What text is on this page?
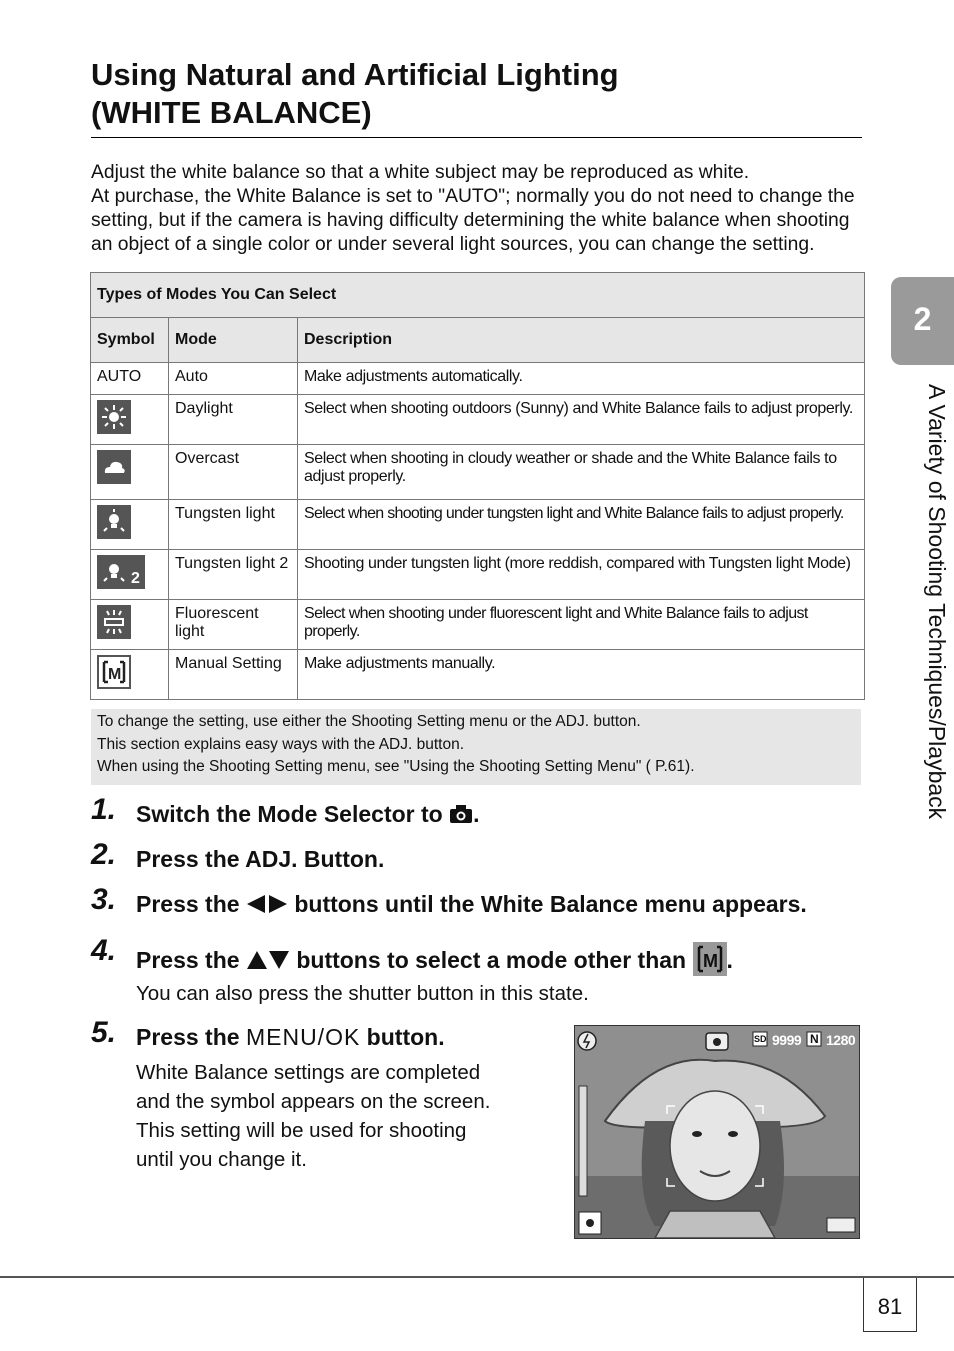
Using Natural and Artificial Lighting
(WHITE BALANCE)

Adjust the white balance so that a white subject may be reproduced as white.

At purchase, the White Balance is set to "AUTO"; normally you do not need to change the setting, but if the camera is having difficulty determining the white balance when shooting an object of a single color or under several light sources, you can change the setting.

Types of Modes You Can Select		
Symbol	Mode	Description
AUTO	Auto	Make adjustments automatically.

	Daylight	Select when shooting outdoors (Sunny) and White Balance fails to adjust properly.

	Overcast	Select when shooting in cloudy weather or shade and the White Balance fails to adjust properly.

	Tungsten light	Select when shooting under tungsten light and White Balance fails to adjust properly.

2	Tungsten light 2	Shooting under tungsten light (more reddish, compared with Tungsten light Mode)

	Fluorescent light	Select when shooting under fluorescent light and White Balance fails to adjust properly.

M	Manual Setting	Make adjustments manually.

To change the setting, use either the Shooting Setting menu or the ADJ. button.

This section explains easy ways with the ADJ. button.

When using the Shooting Setting menu, see "Using the Shooting Setting Menu" ( P.61).

1. Switch the Mode Selector to .
2. Press the ADJ. Button.
3. Press the  buttons until the White Balance menu appears.
4. Press the  buttons to select a mode other than M .
You can also press the shutter button in this state.
5. Press the MENU/OK button.
White Balance settings are completed
and the symbol appears on the screen.
This setting will be used for shooting
until you change it.
SD 9999 N 1280
2
A Variety of Shooting Techniques/Playback
81
